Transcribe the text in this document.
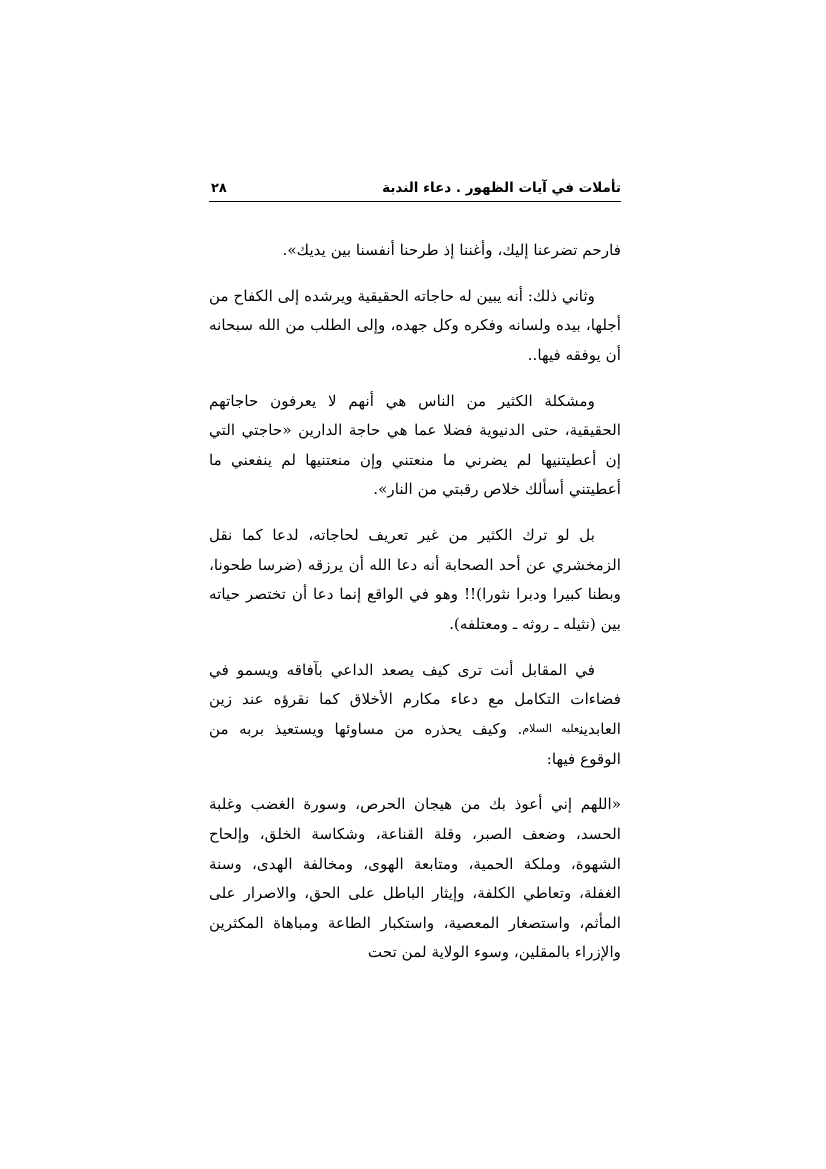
تأملات في آيات الظهور . دعاء الندبة
٢٨

فارحم تضرعنا إليك، وأغننا إذ طرحنا أنفسنا بين يديك».

وثاني ذلك: أنه يبين له حاجاته الحقيقية ويرشده إلى الكفاح من أجلها، بيده ولسانه وفكره وكل جهده، وإلى الطلب من الله سبحانه أن يوفقه فيها..

ومشكلة الكثير من الناس هي أنهم لا يعرفون حاجاتهم الحقيقية، حتى الدنيوية فضلا عما هي حاجة الدارين «حاجتي التي إن أعطيتنيها لم يضرني ما منعتني وإن منعتنيها لم ينفعني ما أعطيتني أسألك خلاص رقبتي من النار».

بل لو ترك الكثير من غير تعريف لحاجاته، لدعا كما نقل الزمخشري عن أحد الصحابة أنه دعا الله أن يرزقه (ضرسا طحونا، وبطنا كبيرا ودبرا نثورا)!! وهو في الواقع إنما دعا أن تختصر حياته بين (نثيله ـ روثه ـ ومعتلفه).

في المقابل أنت ترى كيف يصعد الداعي بآفاقه ويسمو في فضاءات التكامل مع دعاء مكارم الأخلاق كما نقرؤه عند زين العابدينعليه السلام. وكيف يحذره من مساوئها ويستعيذ بربه من الوقوع فيها:

«اللهم إني أعوذ بك من هيجان الحرص، وسورة الغضب وغلبة الحسد، وضعف الصبر، وقلة القناعة، وشكاسة الخلق، وإلحاح الشهوة، وملكة الحمية، ومتابعة الهوى، ومخالفة الهدى، وسنة الغفلة، وتعاطي الكلفة، وإيثار الباطل على الحق، والاصرار على المأثم، واستصغار المعصية، واستكبار الطاعة ومباهاة المكثرين والإزراء بالمقلين، وسوء الولاية لمن تحت
